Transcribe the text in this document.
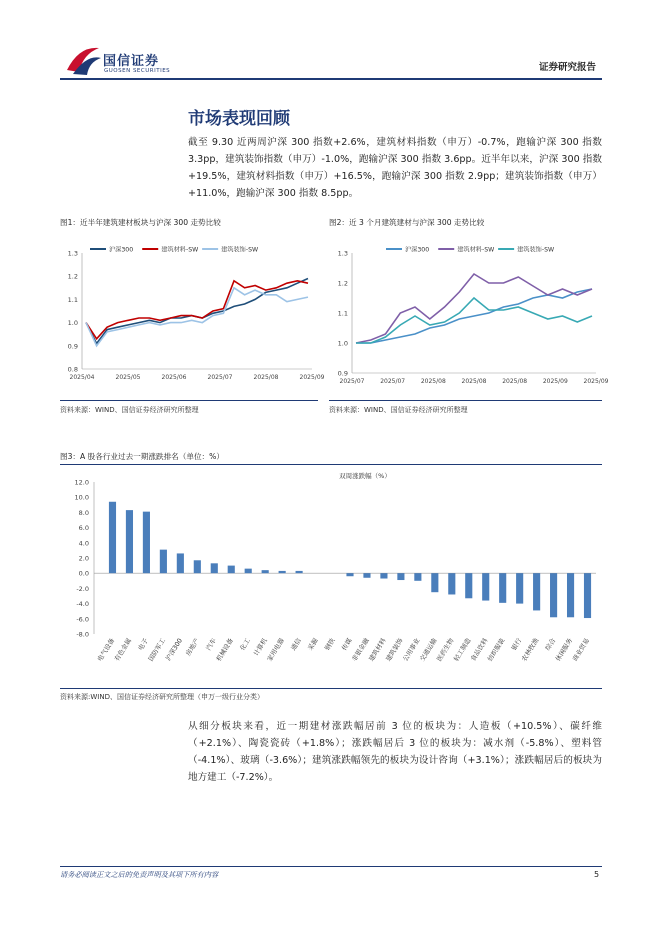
国信证券
GUOSEN SECURITIES	证券研究报告
市场表现回顾
截至 9.30 近两周沪深 300 指数+2.6%，建筑材料指数（申万）-0.7%，跑输沪深 300 指数 3.3pp，建筑装饰指数（申万）-1.0%，跑输沪深 300 指数 3.6pp。近半年以来，沪深 300 指数+19.5%，建筑材料指数（申万）+16.5%，跑输沪深 300 指数 2.9pp；建筑装饰指数（申万）+11.0%，跑输沪深 300 指数 8.5pp。
图1：近半年建筑建材板块与沪深 300 走势比较
0.8
0.9
1.0
1.1
1.2
1.3
2025/04	2025/05	2025/06	2025/07	2025/08	2025/09
沪深300	建筑材料-SW	建筑装饰-SW
资料来源：WIND、国信证券经济研究所整理
图2：近 3 个月建筑建材与沪深 300 走势比较
0.9
1.0
1.1
1.2
1.3
2025/07	2025/07	2025/08	2025/08	2025/08	2025/09	2025/09
沪深300	建筑材料-SW	建筑装饰-SW
资料来源：WIND、国信证券经济研究所整理
图3：A 股各行业过去一期涨跌排名（单位：%）
双周涨跌幅（%）
12.0
10.0
8.0
6.0
4.0
2.0
0.0
-2.0
-4.0
-6.0
-8.0
电气设备
有色金属 电子
国防军工
沪深300 房地产 汽车
机械设备 化工 计算机
家用电器 通信 采掘 钢铁 传媒
非银金融
建筑材料
建筑装饰
公用事业
交通运输
医药生物
轻工制造
食品饮料
纺织服装 银行
农林牧渔 综合
休闲服务
商业贸易
资料来源:WIND、国信证券经济研究所整理（申万一级行业分类）
从细分板块来看，近一期建材涨跌幅居前 3 位的板块为：人造板（+10.5%）、碳纤维（+2.1%）、陶瓷瓷砖（+1.8%）；涨跌幅居后 3 位的板块为：减水剂（-5.8%）、塑料管（-4.1%）、玻璃（-3.6%）；建筑涨跌幅领先的板块为设计咨询（+3.1%）；涨跌幅居后的板块为地方建工（-7.2%）。
请务必阅读正文之后的免责声明及其项下所有内容	5
